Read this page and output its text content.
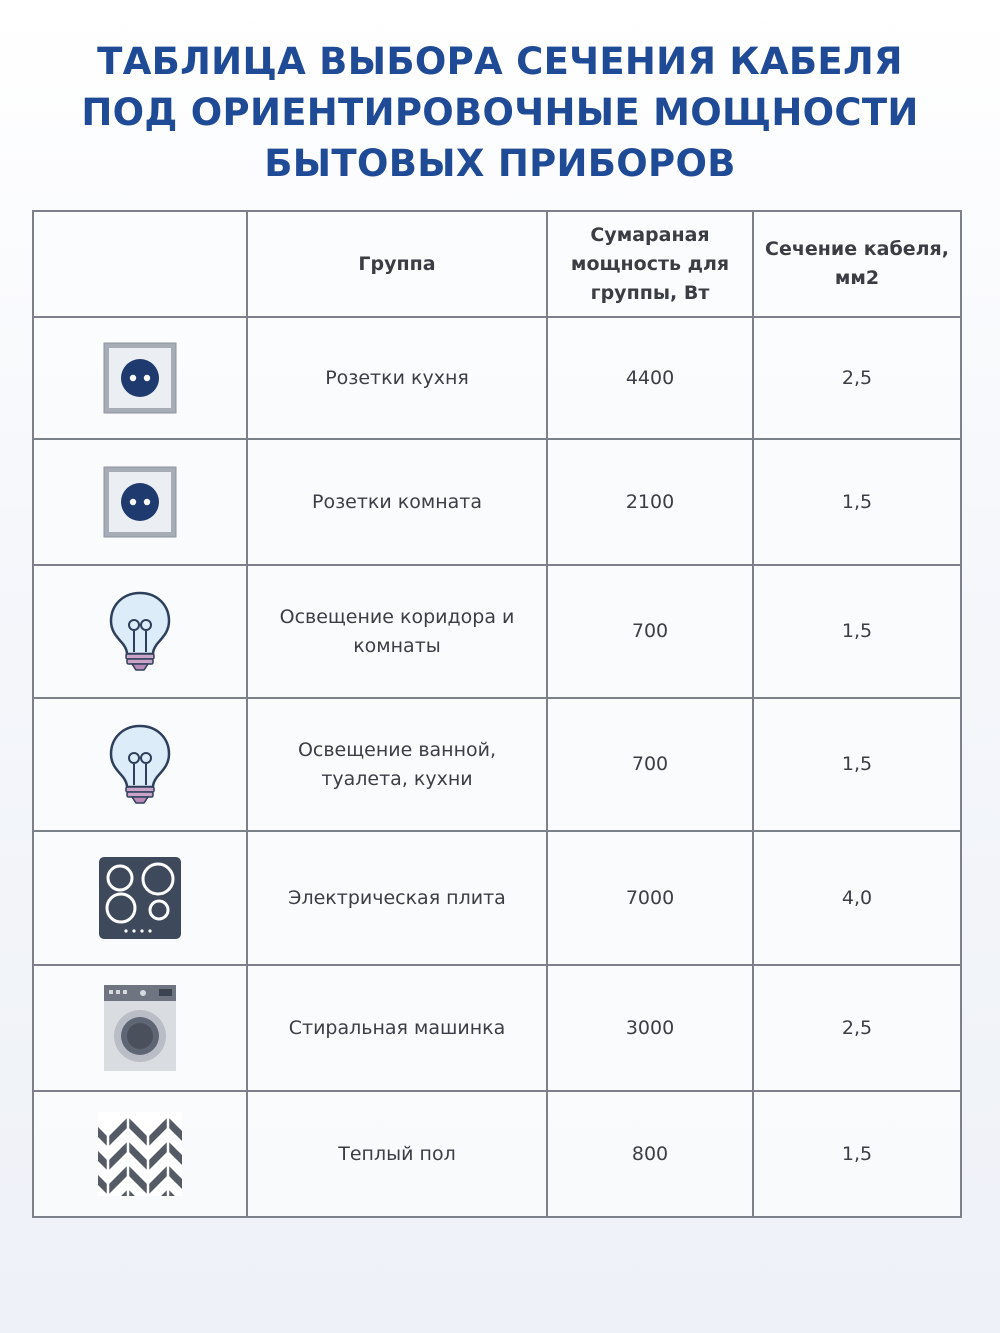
ТАБЛИЦА ВЫБОРА СЕЧЕНИЯ КАБЕЛЯ
ПОД ОРИЕНТИРОВОЧНЫЕ МОЩНОСТИ
БЫТОВЫХ ПРИБОРОВ
	Группа	Сумараная мощность для группы, Вт	Сечение кабеля, мм2

	Розетки кухня	4400	2,5

	Розетки комната	2100	1,5

	Освещение коридора и комнаты	700	1,5

	Освещение ванной, туалета, кухни	700	1,5

	Электрическая плита	7000	4,0

	Стиральная машинка	3000	2,5

	Теплый пол	800	1,5
